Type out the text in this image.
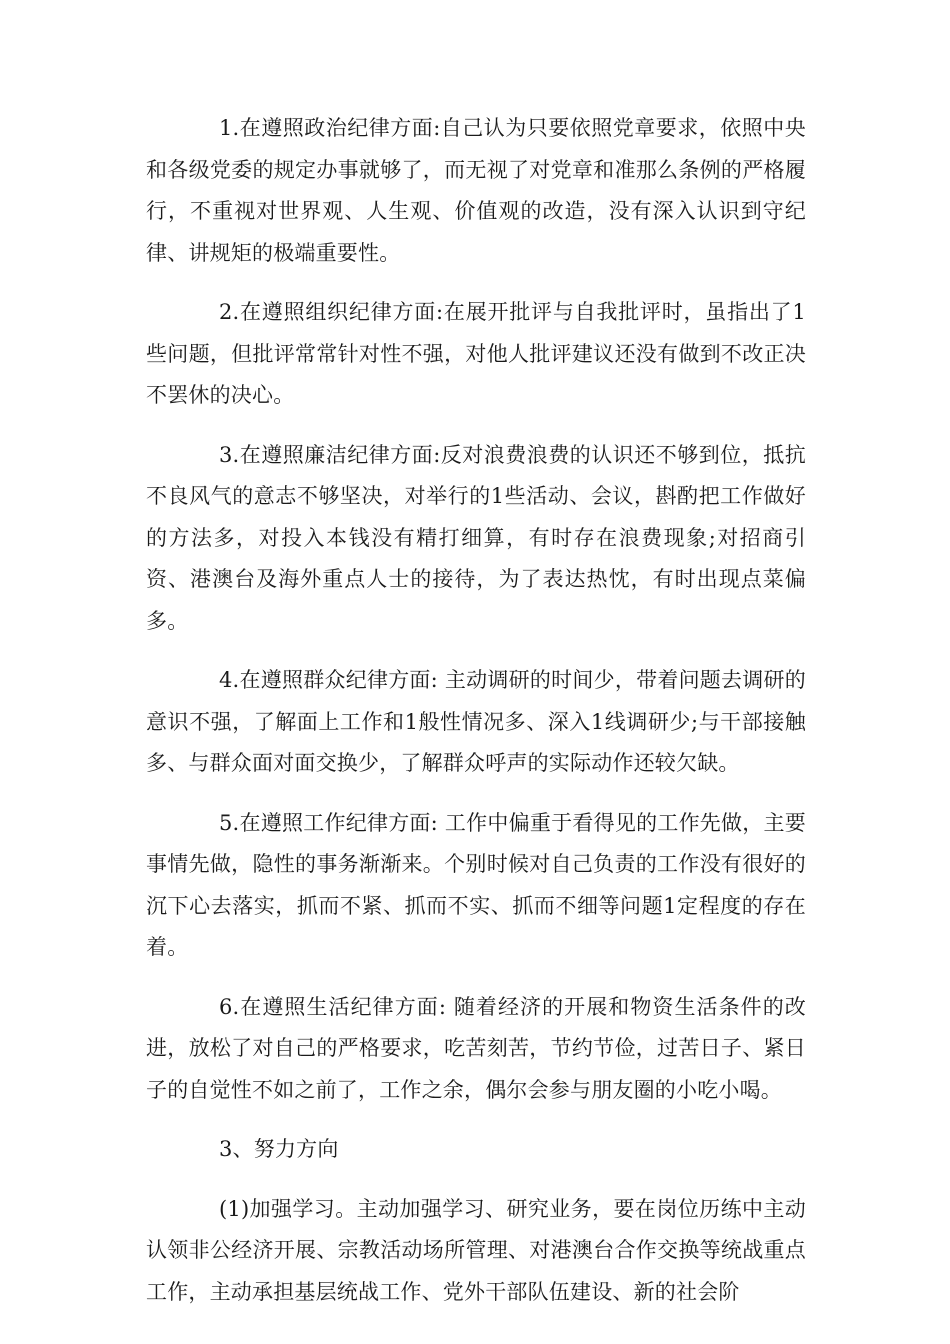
1.在遵照政治纪律方面:自己认为只要依照党章要求，依照中央和各级党委的规定办事就够了，而无视了对党章和准那么条例的严格履行，不重视对世界观、人生观、价值观的改造，没有深入认识到守纪律、讲规矩的极端重要性。

2.在遵照组织纪律方面:在展开批评与自我批评时，虽指出了1些问题，但批评常常针对性不强，对他人批评建议还没有做到不改正决不罢休的决心。

3.在遵照廉洁纪律方面:反对浪费浪费的认识还不够到位，抵抗不良风气的意志不够坚决，对举行的1些活动、会议，斟酌把工作做好的方法多，对投入本钱没有精打细算，有时存在浪费现象;对招商引资、港澳台及海外重点人士的接待，为了表达热忱，有时出现点菜偏多。

4.在遵照群众纪律方面: 主动调研的时间少，带着问题去调研的意识不强，了解面上工作和1般性情况多、深入1线调研少;与干部接触多、与群众面对面交换少，了解群众呼声的实际动作还较欠缺。

5.在遵照工作纪律方面: 工作中偏重于看得见的工作先做，主要事情先做，隐性的事务渐渐来。个别时候对自己负责的工作没有很好的沉下心去落实，抓而不紧、抓而不实、抓而不细等问题1定程度的存在着。

6.在遵照生活纪律方面: 随着经济的开展和物资生活条件的改进，放松了对自己的严格要求，吃苦刻苦，节约节俭，过苦日子、紧日子的自觉性不如之前了，工作之余，偶尔会参与朋友圈的小吃小喝。

3、努力方向

(1)加强学习。主动加强学习、研究业务，要在岗位历练中主动认领非公经济开展、宗教活动场所管理、对港澳台合作交换等统战重点工作，主动承担基层统战工作、党外干部队伍建设、新的社会阶
